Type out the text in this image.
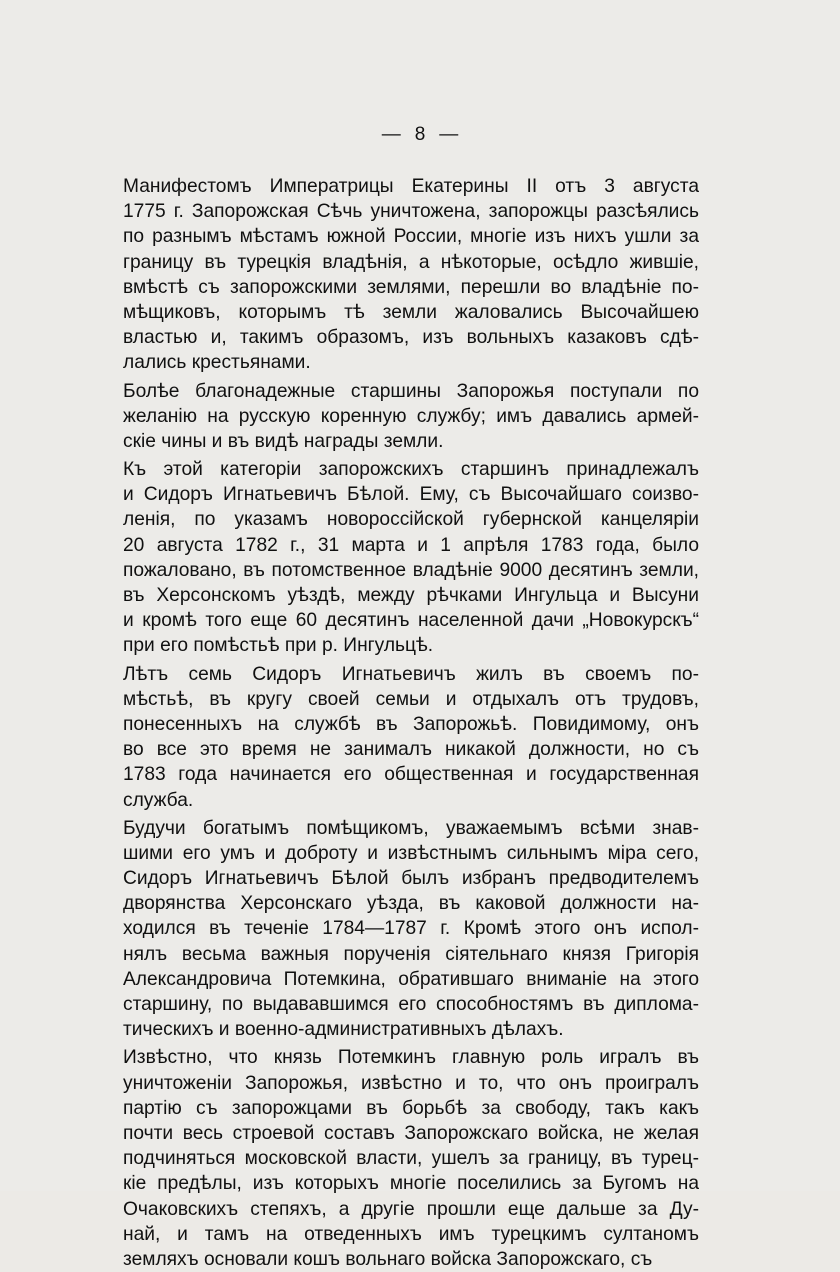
— 8 —
Манифестомъ Императрицы Екатерины II отъ 3 августа
1775 г. Запорожская Сѣчь уничтожена, запорожцы разсѣялись
по разнымъ мѣстамъ южной России, многіе изъ нихъ ушли за
границу въ турецкія владѣнія, а нѣкоторые, осѣдло жившіе,
вмѣстѣ съ запорожскими землями, перешли во владѣніе по-
мѣщиковъ, которымъ тѣ земли жаловались Высочайшею
властью и, такимъ образомъ, изъ вольныхъ казаковъ сдѣ-
лались крестьянами.
Болѣе благонадежные старшины Запорожья поступали по
желанію на русскую коренную службу; имъ давались армей-
скіе чины и въ видѣ награды земли.
Къ этой категоріи запорожскихъ старшинъ принадлежалъ
и Сидоръ Игнатьевичъ Бѣлой. Ему, съ Высочайшаго соизво-
ленія, по указамъ новороссійской губернской канцеляріи
20 августа 1782 г., 31 марта и 1 апрѣля 1783 года, было
пожаловано, въ потомственное владѣніе 9000 десятинъ земли,
въ Херсонскомъ уѣздѣ, между рѣчками Ингульца и Высуни
и кромѣ того еще 60 десятинъ населенной дачи „Новокурскъ“
при его помѣстьѣ при р. Ингульцѣ.
Лѣтъ семь Сидоръ Игнатьевичъ жилъ въ своемъ по-
мѣстьѣ, въ кругу своей семьи и отдыхалъ отъ трудовъ,
понесенныхъ на службѣ въ Запорожьѣ. Повидимому, онъ
во все это время не занималъ никакой должности, но съ
1783 года начинается его общественная и государственная
служба.
Будучи богатымъ помѣщикомъ, уважаемымъ всѣми знав-
шими его умъ и доброту и извѣстнымъ сильнымъ міра сего,
Сидоръ Игнатьевичъ Бѣлой былъ избранъ предводителемъ
дворянства Херсонскаго уѣзда, въ каковой должности на-
ходился въ теченіе 1784—1787 г. Кромѣ этого онъ испол-
нялъ весьма важныя порученія сіятельнаго князя Григорія
Александровича Потемкина, обратившаго вниманіе на этого
старшину, по выдававшимся его способностямъ въ диплома-
тическихъ и военно-административныхъ дѣлахъ.
Извѣстно, что князь Потемкинъ главную роль игралъ въ
уничтоженіи Запорожья, извѣстно и то, что онъ проигралъ
партію съ запорожцами въ борьбѣ за свободу, такъ какъ
почти весь строевой составъ Запорожскаго войска, не желая
подчиняться московской власти, ушелъ за границу, въ турец-
кіе предѣлы, изъ которыхъ многіе поселились за Бугомъ на
Очаковскихъ степяхъ, а другіе прошли еще дальше за Ду-
най, и тамъ на отведенныхъ имъ турецкимъ султаномъ
земляхъ основали кошъ вольнаго войска Запорожскаго, съ
